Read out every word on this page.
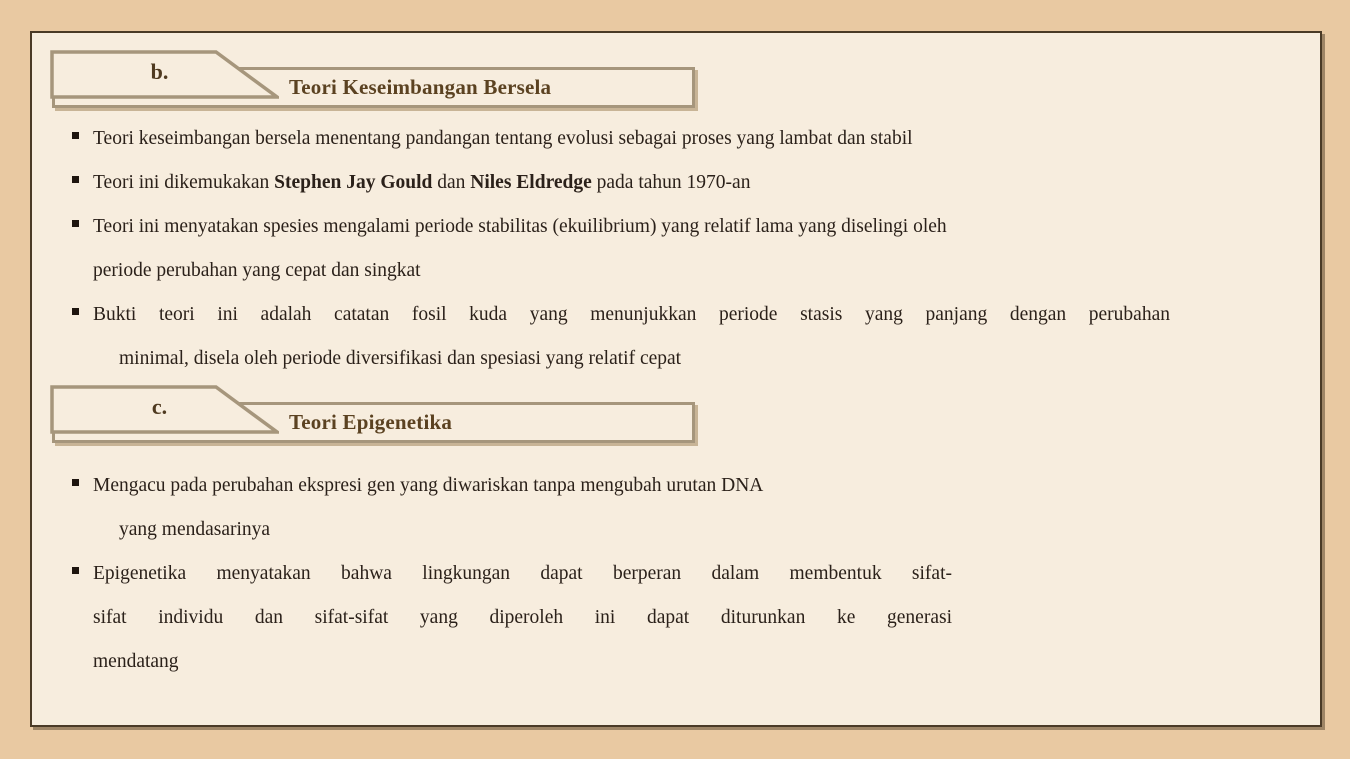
Teori Keseimbangan Bersela
b.
Teori keseimbangan bersela menentang pandangan tentang evolusi sebagai proses yang lambat dan stabil
Teori ini dikemukakan Stephen Jay Gould dan Niles Eldredge pada tahun 1970-an
Teori ini menyatakan spesies mengalami periode stabilitas (ekuilibrium) yang relatif lama yang diselingi oleh
periode perubahan yang cepat dan singkat
Bukti teori ini adalah catatan fosil kuda yang menunjukkan periode stasis yang panjang dengan perubahan
minimal, disela oleh periode diversifikasi dan spesiasi yang relatif cepat
Teori Epigenetika
c.
Mengacu pada perubahan ekspresi gen yang diwariskan tanpa mengubah urutan DNA
yang mendasarinya
Epigenetika menyatakan bahwa lingkungan dapat berperan dalam membentuk sifat-
sifat individu dan sifat-sifat yang diperoleh ini dapat diturunkan ke generasi
mendatang
